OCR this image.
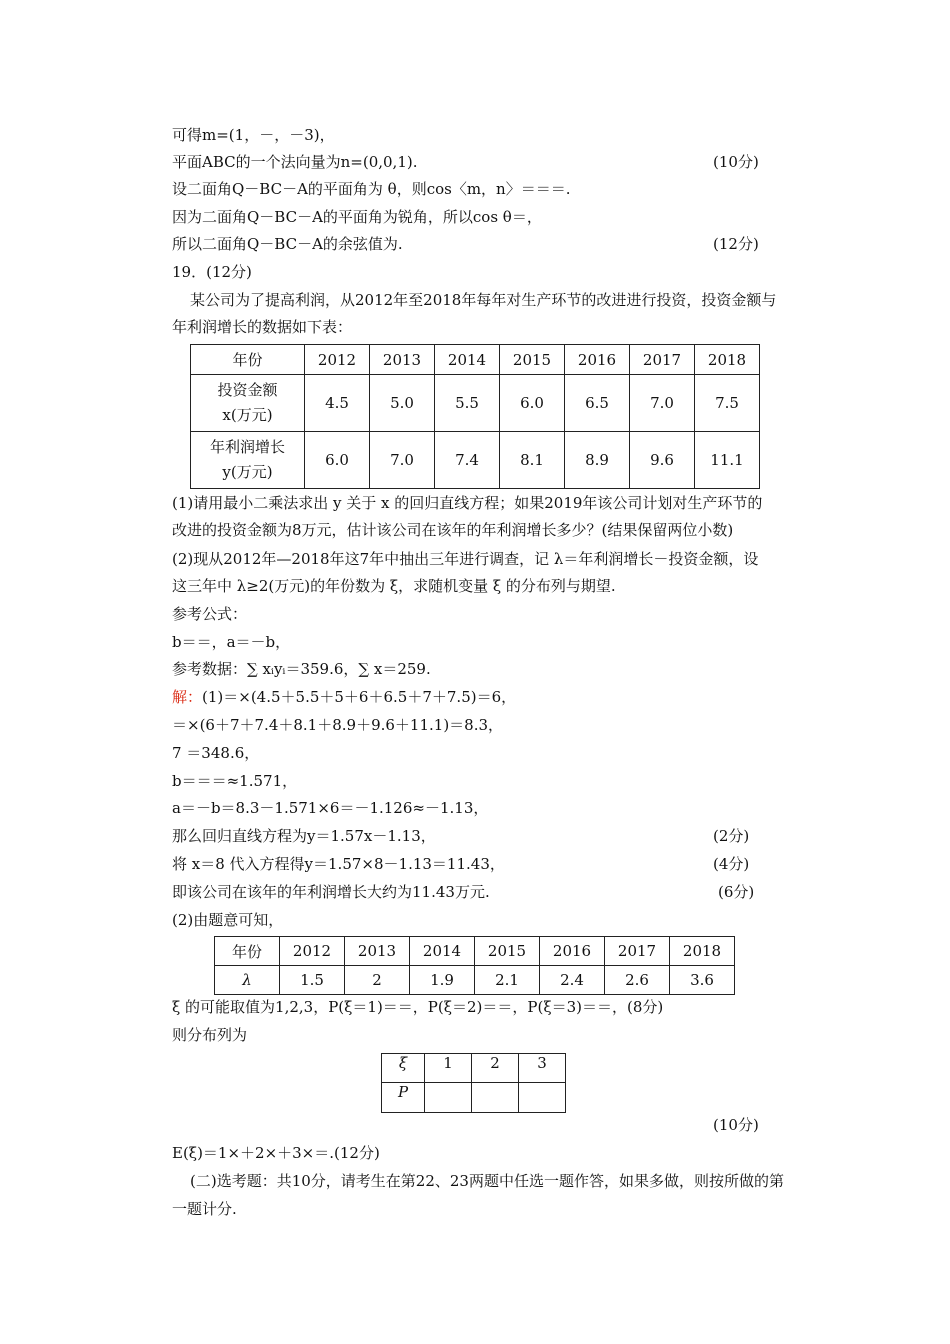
可得m=(1，－，－3)，
平面ABC的一个法向量为n=(0,0,1).	(10分)
设二面角Q－BC－A的平面角为 θ，则cos〈m，n〉＝＝＝.
因为二面角Q－BC－A的平面角为锐角，所以cos θ＝，
所以二面角Q－BC－A的余弦值为.	(12分)
19．(12分)
某公司为了提高利润，从2012年至2018年每年对生产环节的改进进行投资，投资金额与
年利润增长的数据如下表：
年份	2012	2013	2014	2015	2016	2017	2018
投资金额
x(万元)	4.5	5.0	5.5	6.0	6.5	7.0	7.5
年利润增长
y(万元)	6.0	7.0	7.4	8.1	8.9	9.6	11.1
(1)请用最小二乘法求出 y 关于 x 的回归直线方程；如果2019年该公司计划对生产环节的
改进的投资金额为8万元，估计该公司在该年的年利润增长多少？(结果保留两位小数)
(2)现从2012年—2018年这7年中抽出三年进行调查，记 λ＝年利润增长－投资金额，设
这三年中 λ≥2(万元)的年份数为 ξ，求随机变量 ξ 的分布列与期望.
参考公式：
b＝＝，a＝－b，
参考数据：∑ xᵢyᵢ＝359.6，∑ x＝259.
解：(1)＝×(4.5＋5.5＋5＋6＋6.5＋7＋7.5)＝6，
＝×(6＋7＋7.4＋8.1＋8.9＋9.6＋11.1)＝8.3，
7 ＝348.6，
b＝＝＝≈1.571，
a＝－b＝8.3－1.571×6＝－1.126≈－1.13，
那么回归直线方程为y＝1.57x－1.13，	(2分)
将 x＝8 代入方程得y＝1.57×8－1.13＝11.43，	(4分)
即该公司在该年的年利润增长大约为11.43万元.	(6分)
(2)由题意可知，
年份	2012	2013	2014	2015	2016	2017	2018
λ	1.5	2	1.9	2.1	2.4	2.6	3.6
ξ 的可能取值为1,2,3，P(ξ＝1)＝＝，P(ξ＝2)＝＝，P(ξ＝3)＝＝，(8分)
则分布列为
ξ	1	2	3
P			
(10分)
E(ξ)＝1×＋2×＋3×＝.(12分)
(二)选考题：共10分，请考生在第22、23两题中任选一题作答，如果多做，则按所做的第
一题计分.
